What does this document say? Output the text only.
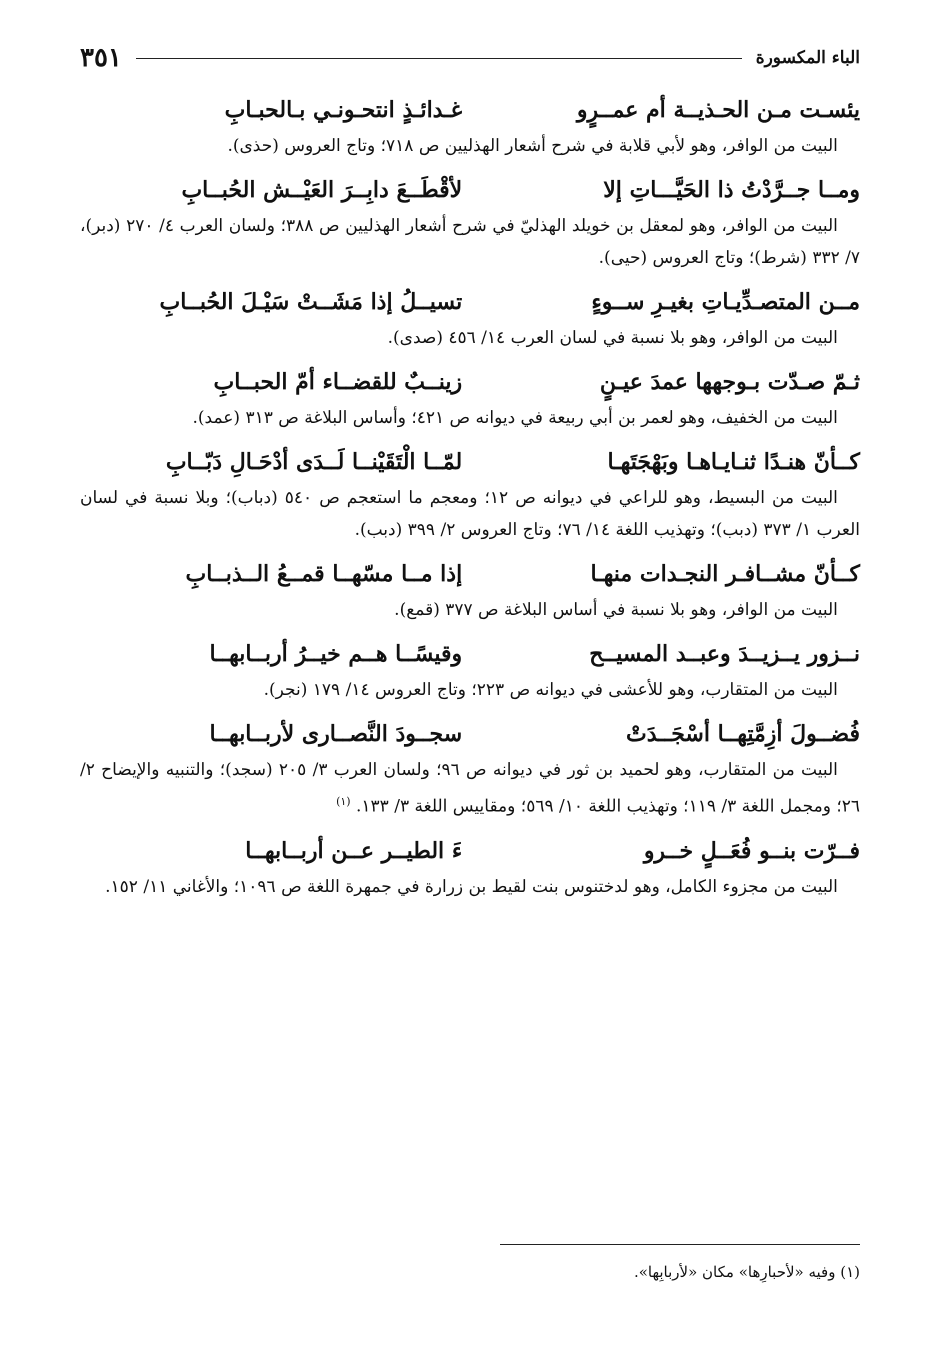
الباء المكسورة
٣٥١
يئسـت مـن الحـذيــة أم عمــرٍو
غـدائـذٍ انتحـونـي بـالحبـابِ

البيت من الوافر، وهو لأبي قلابة في شرح أشعار الهذليين ص ٧١٨؛ وتاج العروس (حذى).

ومــا جــرَّدْتُ ذا الحَيَّـــاتِ إلا
لأقْطَــعَ دابِــرَ العَيْــش الحُبــابِ

البيت من الوافر، وهو لمعقل بن خويلد الهذليّ في شرح أشعار الهذليين ص ٣٨٨؛ ولسان العرب ٤/ ٢٧٠ (دبر)، ٧/ ٣٣٢ (شرط)؛ وتاج العروس (حيى).

مــن المتصـدِّيـاتِ بغيـرِ ســوءٍ
تسيــلُ إذا مَشَــتْ سَيْـلَ الحُبــابِ

البيت من الوافر، وهو بلا نسبة في لسان العرب ١٤/ ٤٥٦ (صدى).

ثـمّ صـدّت بـوجهها عمدَ عيـنٍ
زينــبٌ للقضــاء أمّ الحبــابِ

البيت من الخفيف، وهو لعمر بن أبي ربيعة في ديوانه ص ٤٢١؛ وأساس البلاغة ص ٣١٣ (عمد).

كــأنّ هنـدًا ثنـايـاهـا وبَهْجَتَهـا
لمّــا الْتَقَيْنــا لَــدَى أدْحَـالِ دَبّــابِ

البيت من البسيط، وهو للراعي في ديوانه ص ١٢؛ ومعجم ما استعجم ص ٥٤٠ (دباب)؛ وبلا نسبة في لسان العرب ١/ ٣٧٣ (دبب)؛ وتهذيب اللغة ١٤/ ٧٦؛ وتاج العروس ٢/ ٣٩٩ (دبب).

كــأنّ مشــافـر النجـدات منهـا
إذا مــا مسّهــا قمــعُ الــذبــابِ

البيت من الوافر، وهو بلا نسبة في أساس البلاغة ص ٣٧٧ (قمع).

نــزور يــزيــدَ وعبــد المسيــح
وقيسًــا هــم خيــرُ أربــابهــا

البيت من المتقارب، وهو للأعشى في ديوانه ص ٢٢٣؛ وتاج العروس ١٤/ ١٧٩ (نجر).

فُضــولَ أزِمَّتِهــا أسْجَــدَتْ
سجــودَ النَّصــارى لأربــابهــا

البيت من المتقارب، وهو لحميد بن ثور في ديوانه ص ٩٦؛ ولسان العرب ٣/ ٢٠٥ (سجد)؛ والتنبيه والإيضاح ٢/ ٢٦؛ ومجمل اللغة ٣/ ١١٩؛ وتهذيب اللغة ١٠/ ٥٦٩؛ ومقاييس اللغة ٣/ ١٣٣. $^{(١)}$

فــرّت بنــو فُعَــلٍ خــرو
ءَ الطيــر عــن أربــابهــا

البيت من مجزوء الكامل، وهو لدختنوس بنت لقيط بن زرارة في جمهرة اللغة ص ١٠٩٦؛ والأغاني ١١/ ١٥٢.

(١) وفيه «لأحبارِها» مكان «لأربابِها».
